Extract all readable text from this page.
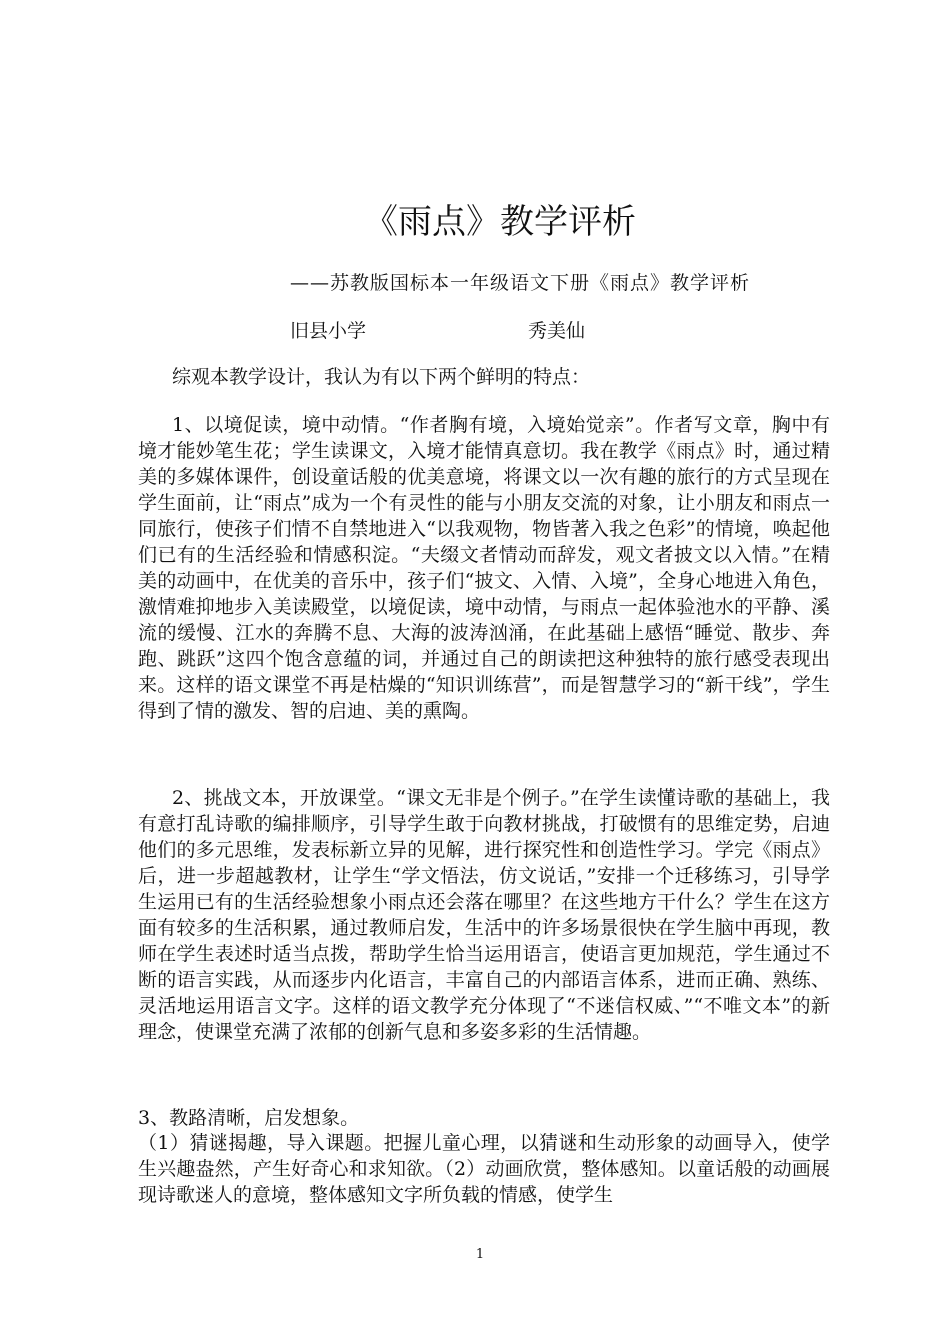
《雨点》教学评析
——苏教版国标本一年级语文下册《雨点》教学评析
旧县小学	秀美仙

综观本教学设计，我认为有以下两个鲜明的特点：

1、以境促读，境中动情。“作者胸有境，入境始觉亲”。作者写文章，胸中有境才能妙笔生花；学生读课文，入境才能情真意切。我在教学《雨点》时，通过精美的多媒体课件，创设童话般的优美意境，将课文以一次有趣的旅行的方式呈现在学生面前，让“雨点”成为一个有灵性的能与小朋友交流的对象，让小朋友和雨点一同旅行，使孩子们情不自禁地进入“以我观物，物皆著入我之色彩”的情境，唤起他们已有的生活经验和情感积淀。“夫缀文者情动而辞发，观文者披文以入情。”在精美的动画中，在优美的音乐中，孩子们“披文、入情、入境”，全身心地进入角色，激情难抑地步入美读殿堂，以境促读，境中动情，与雨点一起体验池水的平静、溪流的缓慢、江水的奔腾不息、大海的波涛汹涌，在此基础上感悟“睡觉、散步、奔跑、跳跃”这四个饱含意蕴的词，并通过自己的朗读把这种独特的旅行感受表现出来。这样的语文课堂不再是枯燥的“知识训练营”，而是智慧学习的“新干线”，学生得到了情的激发、智的启迪、美的熏陶。

2、挑战文本，开放课堂。“课文无非是个例子。”在学生读懂诗歌的基础上，我有意打乱诗歌的编排顺序，引导学生敢于向教材挑战，打破惯有的思维定势，启迪他们的多元思维，发表标新立异的见解，进行探究性和创造性学习。学完《雨点》后，进一步超越教材，让学生“学文悟法，仿文说话，”安排一个迁移练习，引导学生运用已有的生活经验想象小雨点还会落在哪里？在这些地方干什么？学生在这方面有较多的生活积累，通过教师启发，生活中的许多场景很快在学生脑中再现，教师在学生表述时适当点拨，帮助学生恰当运用语言，使语言更加规范，学生通过不断的语言实践，从而逐步内化语言，丰富自己的内部语言体系，进而正确、熟练、灵活地运用语言文字。这样的语文教学充分体现了“不迷信权威、”“不唯文本”的新理念，使课堂充满了浓郁的创新气息和多姿多彩的生活情趣。

3、教路清晰，启发想象。

（1）猜谜揭趣，导入课题。把握儿童心理，以猜谜和生动形象的动画导入，使学生兴趣盎然，产生好奇心和求知欲。（2）动画欣赏，整体感知。以童话般的动画展现诗歌迷人的意境，整体感知文字所负载的情感，使学生

1
